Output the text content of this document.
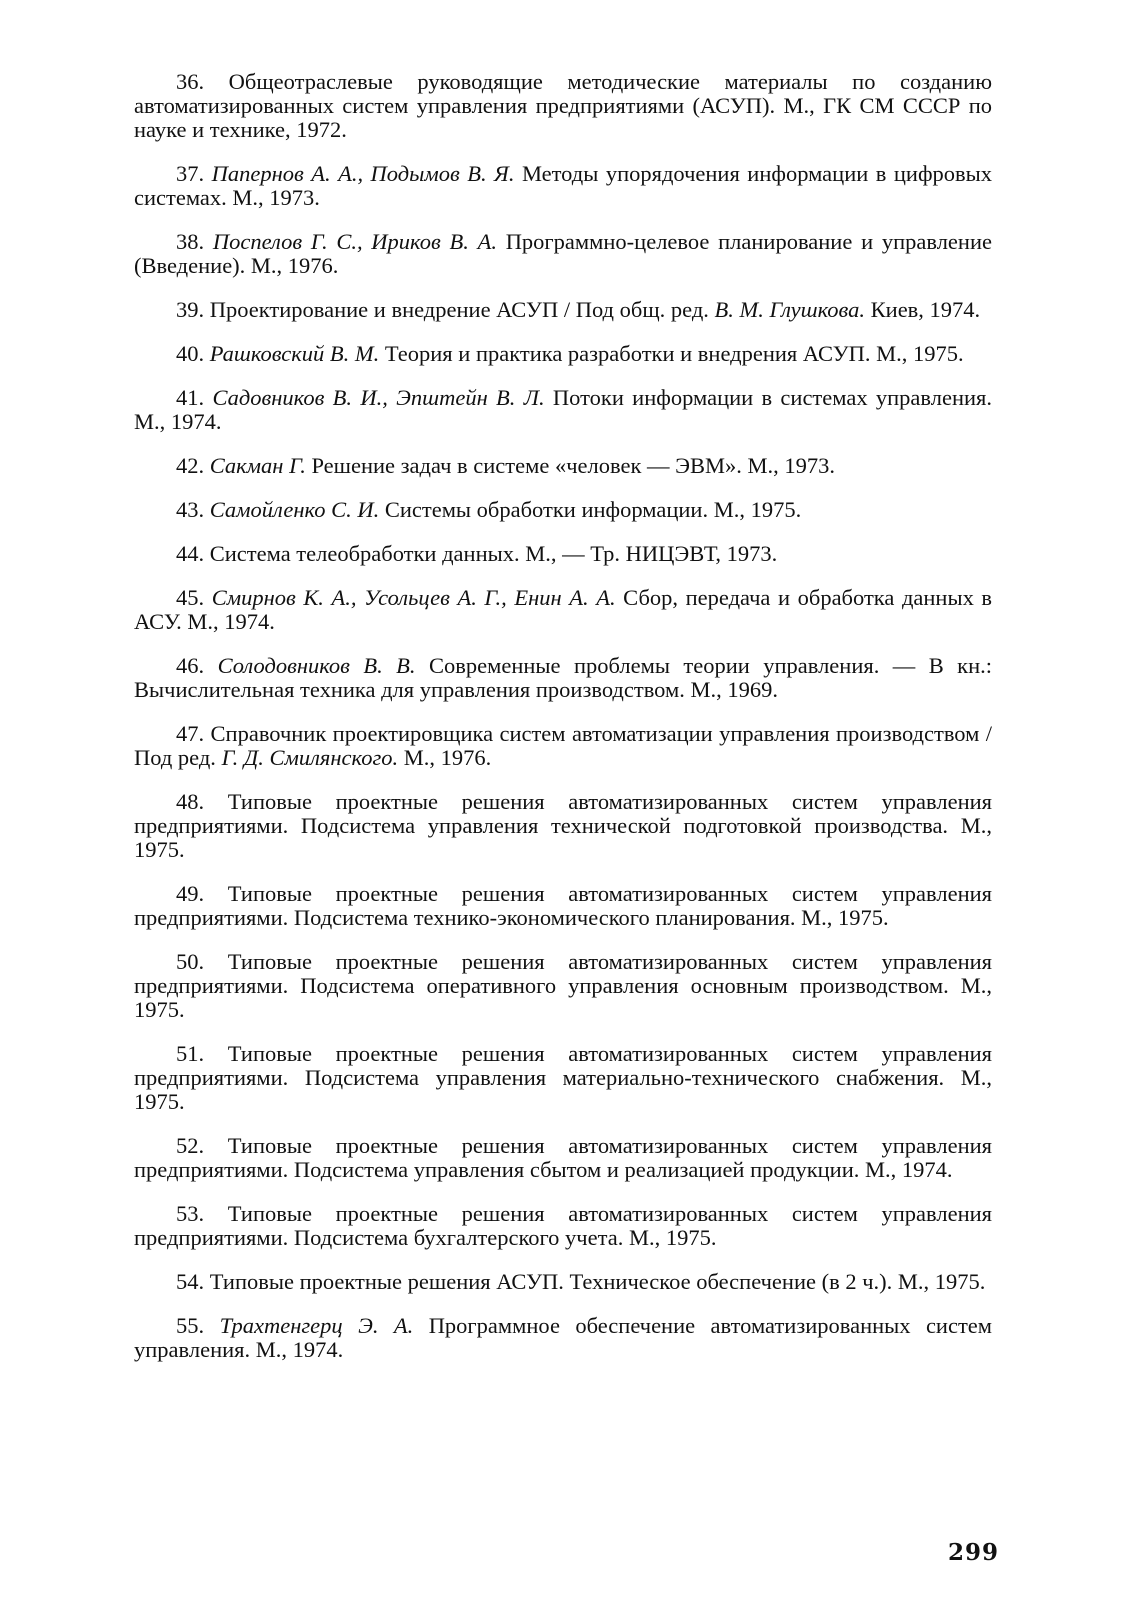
36. Общеотраслевые руководящие методические материалы по созданию автоматизированных систем управления предприятиями (АСУП). М., ГК СМ СССР по науке и технике, 1972.

37. Папернов А. А., Подымов В. Я. Методы упорядочения информации в цифровых системах. М., 1973.

38. Поспелов Г. С., Ириков В. А. Программно-целевое планирование и управление (Введение). М., 1976.

39. Проектирование и внедрение АСУП / Под общ. ред. В. М. Глушкова. Киев, 1974.

40. Рашковский В. М. Теория и практика разработки и внедрения АСУП. М., 1975.

41. Садовников В. И., Эпштейн В. Л. Потоки информации в системах управления. М., 1974.

42. Сакман Г. Решение задач в системе «человек — ЭВМ». М., 1973.

43. Самойленко С. И. Системы обработки информации. М., 1975.

44. Система телеобработки данных. М., — Тр. НИЦЭВТ, 1973.

45. Смирнов К. А., Усольцев А. Г., Енин А. А. Сбор, передача и обработка данных в АСУ. М., 1974.

46. Солодовников В. В. Современные проблемы теории управления. — В кн.: Вычислительная техника для управления производством. М., 1969.

47. Справочник проектировщика систем автоматизации управления производством / Под ред. Г. Д. Смилянского. М., 1976.

48. Типовые проектные решения автоматизированных систем управления предприятиями. Подсистема управления технической подготовкой производства. М., 1975.

49. Типовые проектные решения автоматизированных систем управления предприятиями. Подсистема технико-экономического планирования. М., 1975.

50. Типовые проектные решения автоматизированных систем управления предприятиями. Подсистема оперативного управления основным производством. М., 1975.

51. Типовые проектные решения автоматизированных систем управления предприятиями. Подсистема управления материально-технического снабжения. М., 1975.

52. Типовые проектные решения автоматизированных систем управления предприятиями. Подсистема управления сбытом и реализацией продукции. М., 1974.

53. Типовые проектные решения автоматизированных систем управления предприятиями. Подсистема бухгалтерского учета. М., 1975.

54. Типовые проектные решения АСУП. Техническое обеспечение (в 2 ч.). М., 1975.

55. Трахтенгерц Э. А. Программное обеспечение автоматизированных систем управления. М., 1974.

299
